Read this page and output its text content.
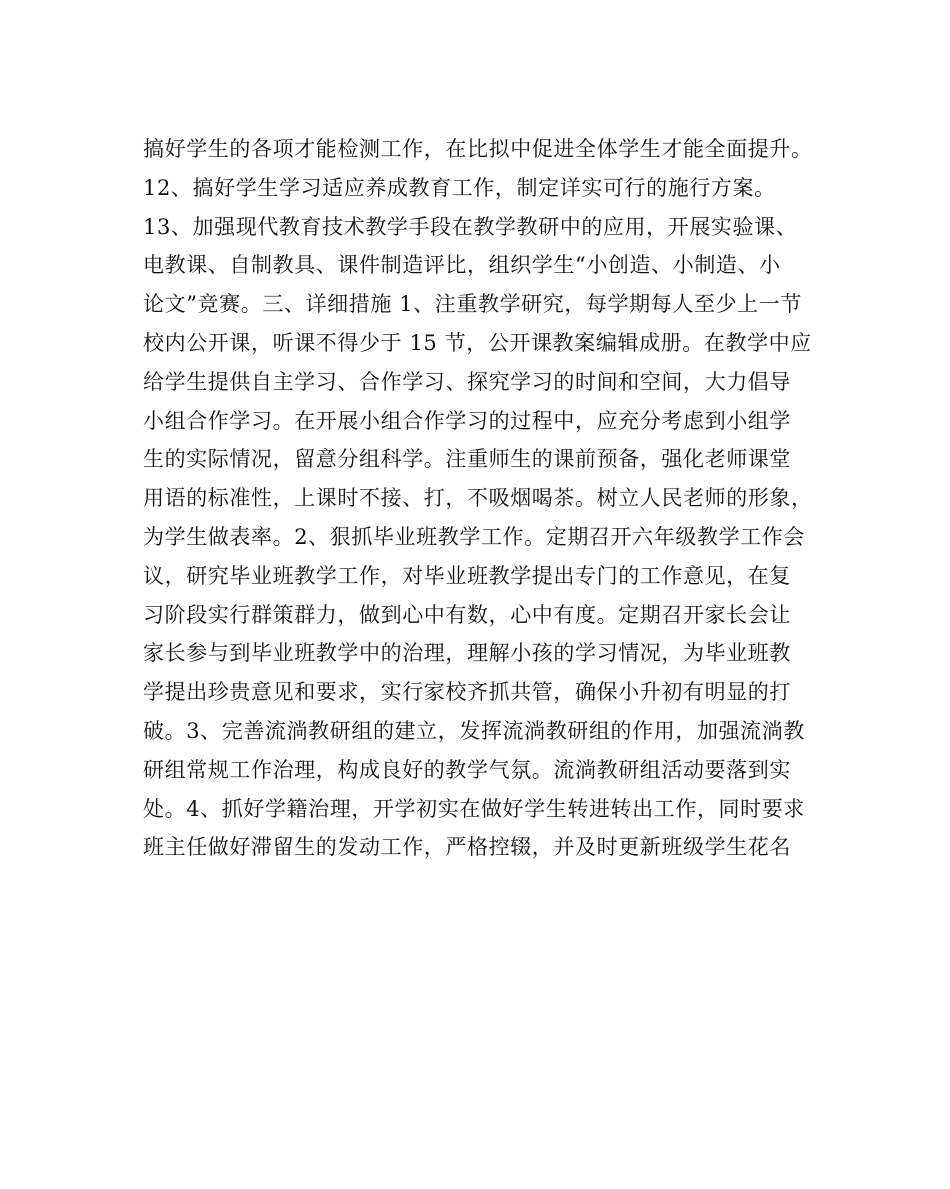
搞好学生的各项才能检测工作，在比拟中促进全体学生才能全面提升。
12、搞好学生学习适应养成教育工作，制定详实可行的施行方案。
13、加强现代教育技术教学手段在教学教研中的应用，开展实验课、
电教课、自制教具、课件制造评比，组织学生“小创造、小制造、小
论文”竞赛。三、详细措施 1、注重教学研究，每学期每人至少上一节
校内公开课，听课不得少于 15 节，公开课教案编辑成册。在教学中应
给学生提供自主学习、合作学习、探究学习的时间和空间，大力倡导
小组合作学习。在开展小组合作学习的过程中，应充分考虑到小组学
生的实际情况，留意分组科学。注重师生的课前预备，强化老师课堂
用语的标准性，上课时不接、打，不吸烟喝茶。树立人民老师的形象，
为学生做表率。2、狠抓毕业班教学工作。定期召开六年级教学工作会
议，研究毕业班教学工作，对毕业班教学提出专门的工作意见，在复
习阶段实行群策群力，做到心中有数，心中有度。定期召开家长会让
家长参与到毕业班教学中的治理，理解小孩的学习情况，为毕业班教
学提出珍贵意见和要求，实行家校齐抓共管，确保小升初有明显的打
破。3、完善流淌教研组的建立，发挥流淌教研组的作用，加强流淌教
研组常规工作治理，构成良好的教学气氛。流淌教研组活动要落到实
处。4、抓好学籍治理，开学初实在做好学生转进转出工作，同时要求
班主任做好滞留生的发动工作，严格控辍，并及时更新班级学生花名
